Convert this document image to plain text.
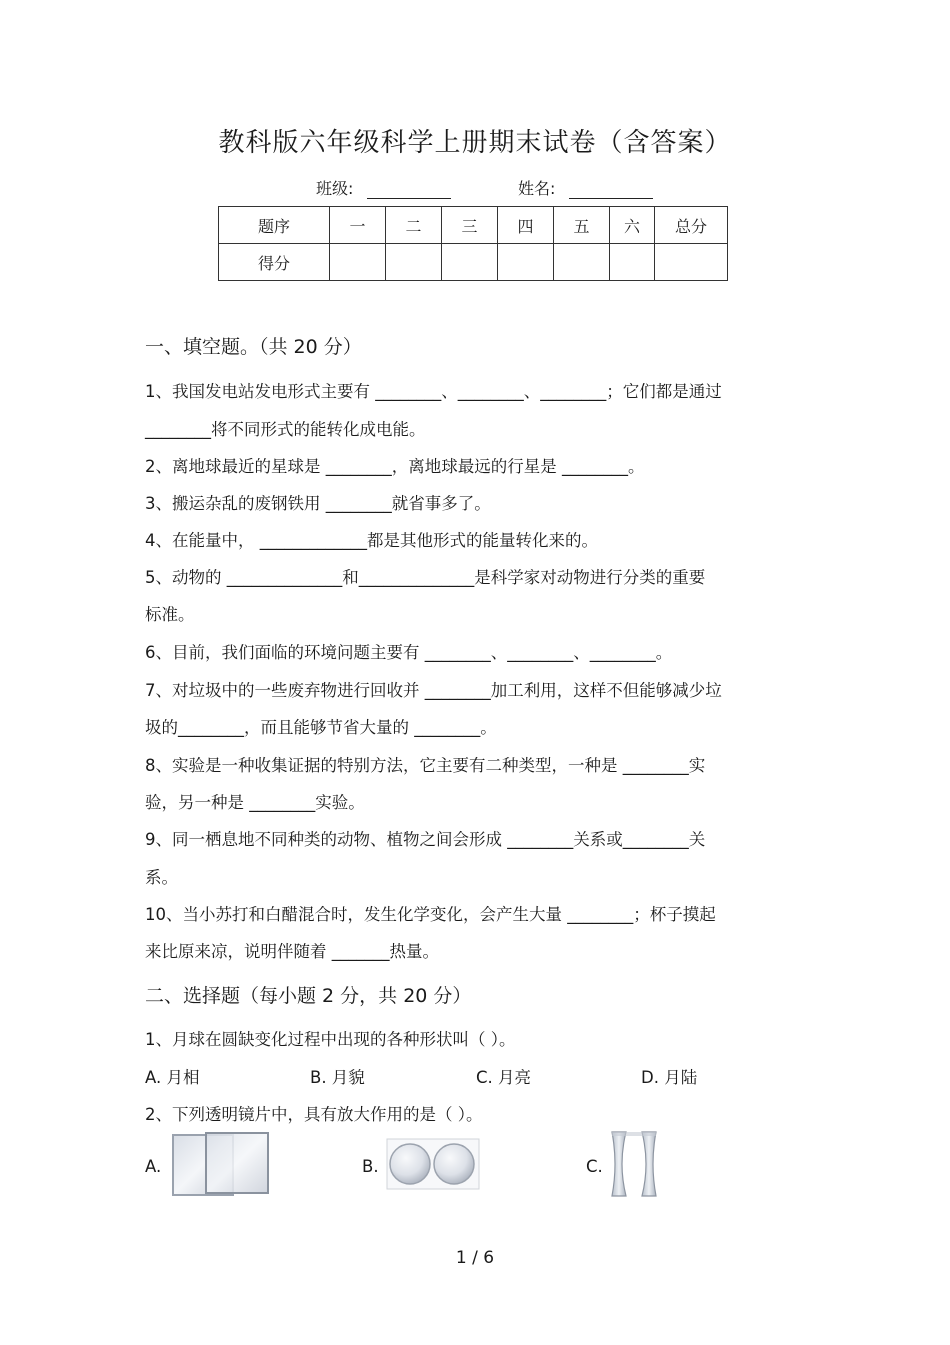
教科版六年级科学上册期末试卷（含答案）
班级:	姓名:
题序	一	二	三	四	五	六	总分
得分							
一、填空题。（共 20 分）
1、我国发电站发电形式主要有 ________、________、________；它们都是通过
________将不同形式的能转化成电能。
2、离地球最近的星球是 ________，离地球最远的行星是 ________。
3、搬运杂乱的废钢铁用 ________就省事多了。
4、在能量中， _____________都是其他形式的能量转化来的。
5、动物的 ______________和______________是科学家对动物进行分类的重要
标准。
6、目前，我们面临的环境问题主要有 ________、________、________。
7、对垃圾中的一些废弃物进行回收并 ________加工利用，这样不但能够减少垃
圾的________，而且能够节省大量的 ________。
8、实验是一种收集证据的特别方法，它主要有二种类型，一种是 ________实
验，另一种是 ________实验。
9、同一栖息地不同种类的动物、植物之间会形成 ________关系或________关
系。
10、当小苏打和白醋混合时，发生化学变化，会产生大量 ________；杯子摸起
来比原来凉，说明伴随着 _______热量。
二、选择题（每小题 2 分，共 20 分）
1、月球在圆缺变化过程中出现的各种形状叫（ ）。
A. 月相	B. 月貌	C. 月亮	D. 月陆
2、下列透明镜片中，具有放大作用的是（ ）。
A.	B.	C.
1 / 6
